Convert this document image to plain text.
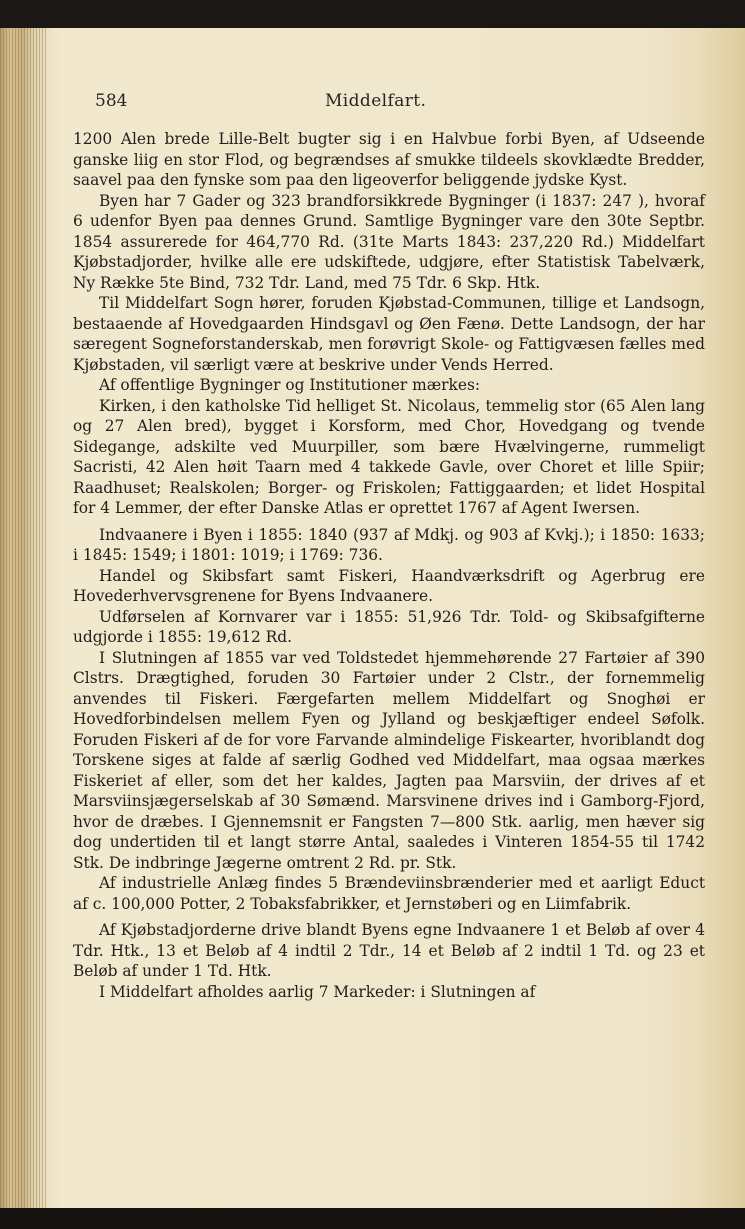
584	Middelfart.

1200 Alen brede Lille-Belt bugter sig i en Halvbue forbi Byen, af Udseende ganske liig en stor Flod, og begrændses af smukke tildeels skovklædte Bredder, saavel paa den fynske som paa den ligeoverfor beliggende jydske Kyst.

Byen har 7 Gader og 323 brandforsikkrede Bygninger (i 1837: 247 ), hvoraf 6 udenfor Byen paa dennes Grund. Samtlige Bygninger vare den 30te Septbr. 1854 assurerede for 464,770 Rd. (31te Marts 1843: 237,220 Rd.) Middelfart Kjøbstadjorder, hvilke alle ere udskiftede, udgjøre, efter Statistisk Tabelværk, Ny Række 5te Bind, 732 Tdr. Land, med 75 Tdr. 6 Skp. Htk.

Til Middelfart Sogn hører, foruden Kjøbstad-Communen, tillige et Landsogn, bestaaende af Hovedgaarden Hindsgavl og Øen Fænø. Dette Landsogn, der har særegent Sogneforstanderskab, men forøvrigt Skole- og Fattigvæsen fælles med Kjøbstaden, vil særligt være at beskrive under Vends Herred.

Af offentlige Bygninger og Institutioner mærkes:

Kirken, i den katholske Tid helliget St. Nicolaus, temmelig stor (65 Alen lang og 27 Alen bred), bygget i Korsform, med Chor, Hovedgang og tvende Sidegange, adskilte ved Muurpiller, som bære Hvælvingerne, rummeligt Sacristi, 42 Alen høit Taarn med 4 takkede Gavle, over Choret et lille Spiir; Raadhuset; Realskolen; Borger- og Friskolen; Fattiggaarden; et lidet Hospital for 4 Lemmer, der efter Danske Atlas er oprettet 1767 af Agent Iwersen.

Indvaanere i Byen i 1855: 1840 (937 af Mdkj. og 903 af Kvkj.); i 1850: 1633; i 1845: 1549; i 1801: 1019; i 1769: 736.

Handel og Skibsfart samt Fiskeri, Haandværksdrift og Agerbrug ere Hovederhvervsgrenene for Byens Indvaanere.

Udførselen af Kornvarer var i 1855: 51,926 Tdr. Told- og Skibsafgifterne udgjorde i 1855: 19,612 Rd.

I Slutningen af 1855 var ved Toldstedet hjemmehørende 27 Fartøier af 390 Clstrs. Drægtighed, foruden 30 Fartøier under 2 Clstr., der fornemmelig anvendes til Fiskeri. Færgefarten mellem Middelfart og Snoghøi er Hovedforbindelsen mellem Fyen og Jylland og beskjæftiger endeel Søfolk. Foruden Fiskeri af de for vore Farvande almindelige Fiskearter, hvoriblandt dog Torskene siges at falde af særlig Godhed ved Middelfart, maa ogsaa mærkes Fiskeriet af eller, som det her kaldes, Jagten paa Marsviin, der drives af et Marsviinsjægerselskab af 30 Sømænd. Marsvinene drives ind i Gamborg-Fjord, hvor de dræbes. I Gjennemsnit er Fangsten 7—800 Stk. aarlig, men hæver sig dog undertiden til et langt større Antal, saaledes i Vinteren 1854-55 til 1742 Stk. De indbringe Jægerne omtrent 2 Rd. pr. Stk.

Af industrielle Anlæg findes 5 Brændeviinsbrænderier med et aarligt Educt af c. 100,000 Potter, 2 Tobaksfabrikker, et Jernstøberi og en Liimfabrik.

Af Kjøbstadjorderne drive blandt Byens egne Indvaanere 1 et Beløb af over 4 Tdr. Htk., 13 et Beløb af 4 indtil 2 Tdr., 14 et Beløb af 2 indtil 1 Td. og 23 et Beløb af under 1 Td. Htk.

I Middelfart afholdes aarlig 7 Markeder: i Slutningen af
